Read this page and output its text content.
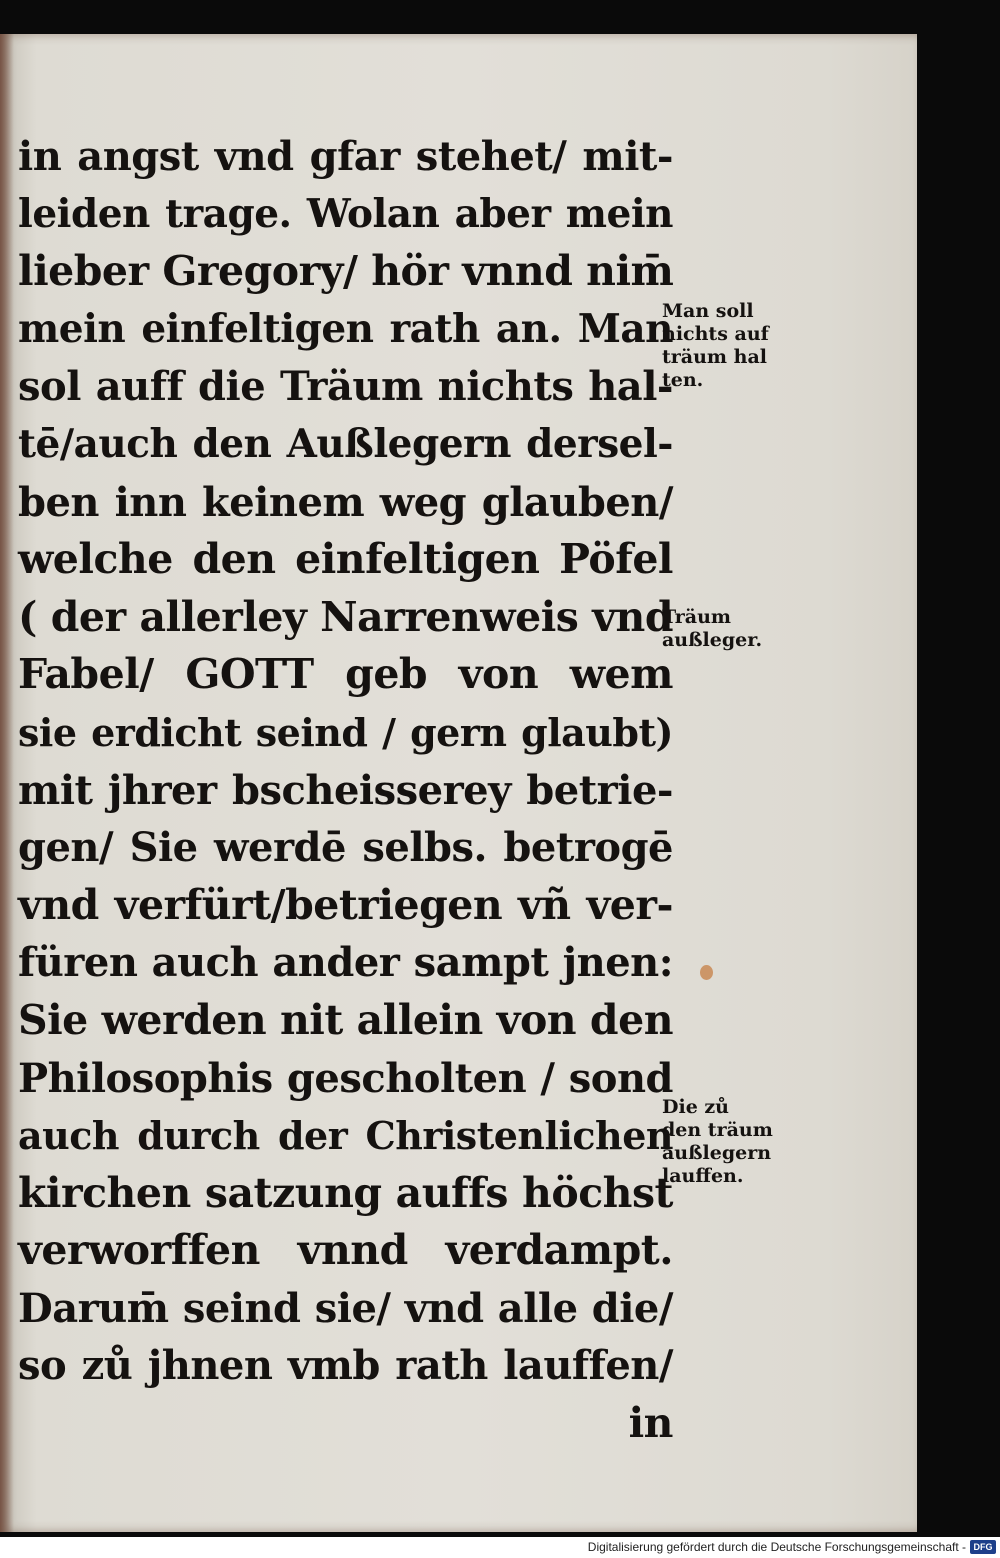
in angst vnd gfar stehet/ mit-
leiden trage. Wolan aber mein
lieber Gregory/ hör vnnd nim̄
mein einfeltigen rath an. Man
sol auff die Träum nichts hal-
tē/auch den Außlegern dersel-
ben inn keinem weg glauben/
welche den einfeltigen Pöfel
( der allerley Narrenweis vnd
Fabel/ GOTT geb von wem
sie erdicht seind / gern glaubt)
mit jhrer bscheisserey betrie-
gen/ Sie werdē selbs. betrogē
vnd verfürt/betriegen vñ ver-
füren auch ander sampt jnen:
Sie werden nit allein von den
Philosophis gescholten / sond
auch durch der Christenlichen
kirchen satzung auffs höchst
verworffen vnnd verdampt.
Darum̄ seind sie/ vnd alle die/
so zů jhnen vmb rath lauffen/
in
Man soll
nichts auf
träum hal
ten.
Träum
außleger.
Die zů
den träum
außlegern
lauffen.
Digitalisierung gefördert durch die Deutsche Forschungsgemeinschaft - DFG
